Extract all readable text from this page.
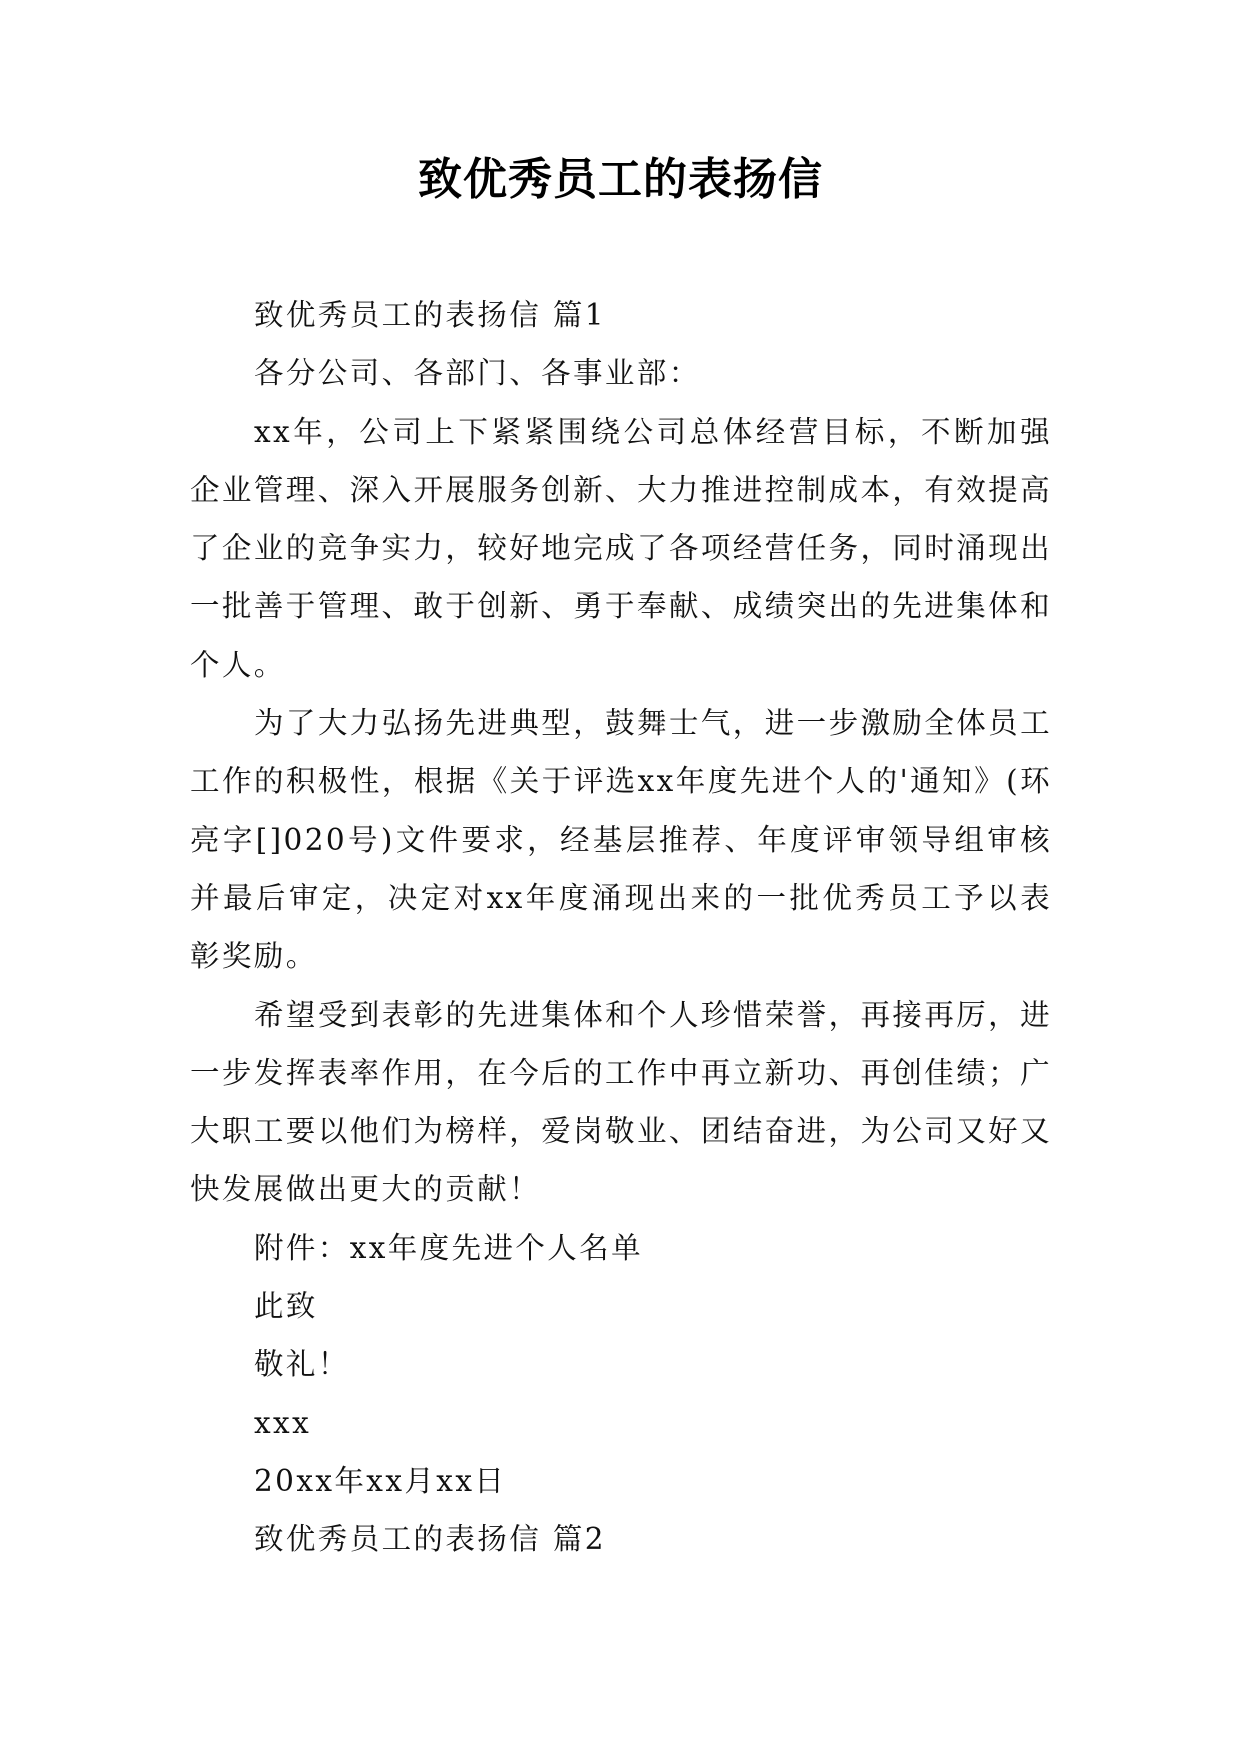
致优秀员工的表扬信

致优秀员工的表扬信 篇1

各分公司、各部门、各事业部：

xx年，公司上下紧紧围绕公司总体经营目标，不断加强企业管理、深入开展服务创新、大力推进控制成本，有效提高了企业的竞争实力，较好地完成了各项经营任务，同时涌现出一批善于管理、敢于创新、勇于奉献、成绩突出的先进集体和个人。

为了大力弘扬先进典型，鼓舞士气，进一步激励全体员工工作的积极性，根据《关于评选xx年度先进个人的'通知》(环亮字[]020号)文件要求，经基层推荐、年度评审领导组审核并最后审定，决定对xx年度涌现出来的一批优秀员工予以表彰奖励。

希望受到表彰的先进集体和个人珍惜荣誉，再接再厉，进一步发挥表率作用，在今后的工作中再立新功、再创佳绩；广大职工要以他们为榜样，爱岗敬业、团结奋进，为公司又好又快发展做出更大的贡献！

附件：xx年度先进个人名单

此致

敬礼！

xxx

20xx年xx月xx日

致优秀员工的表扬信 篇2
